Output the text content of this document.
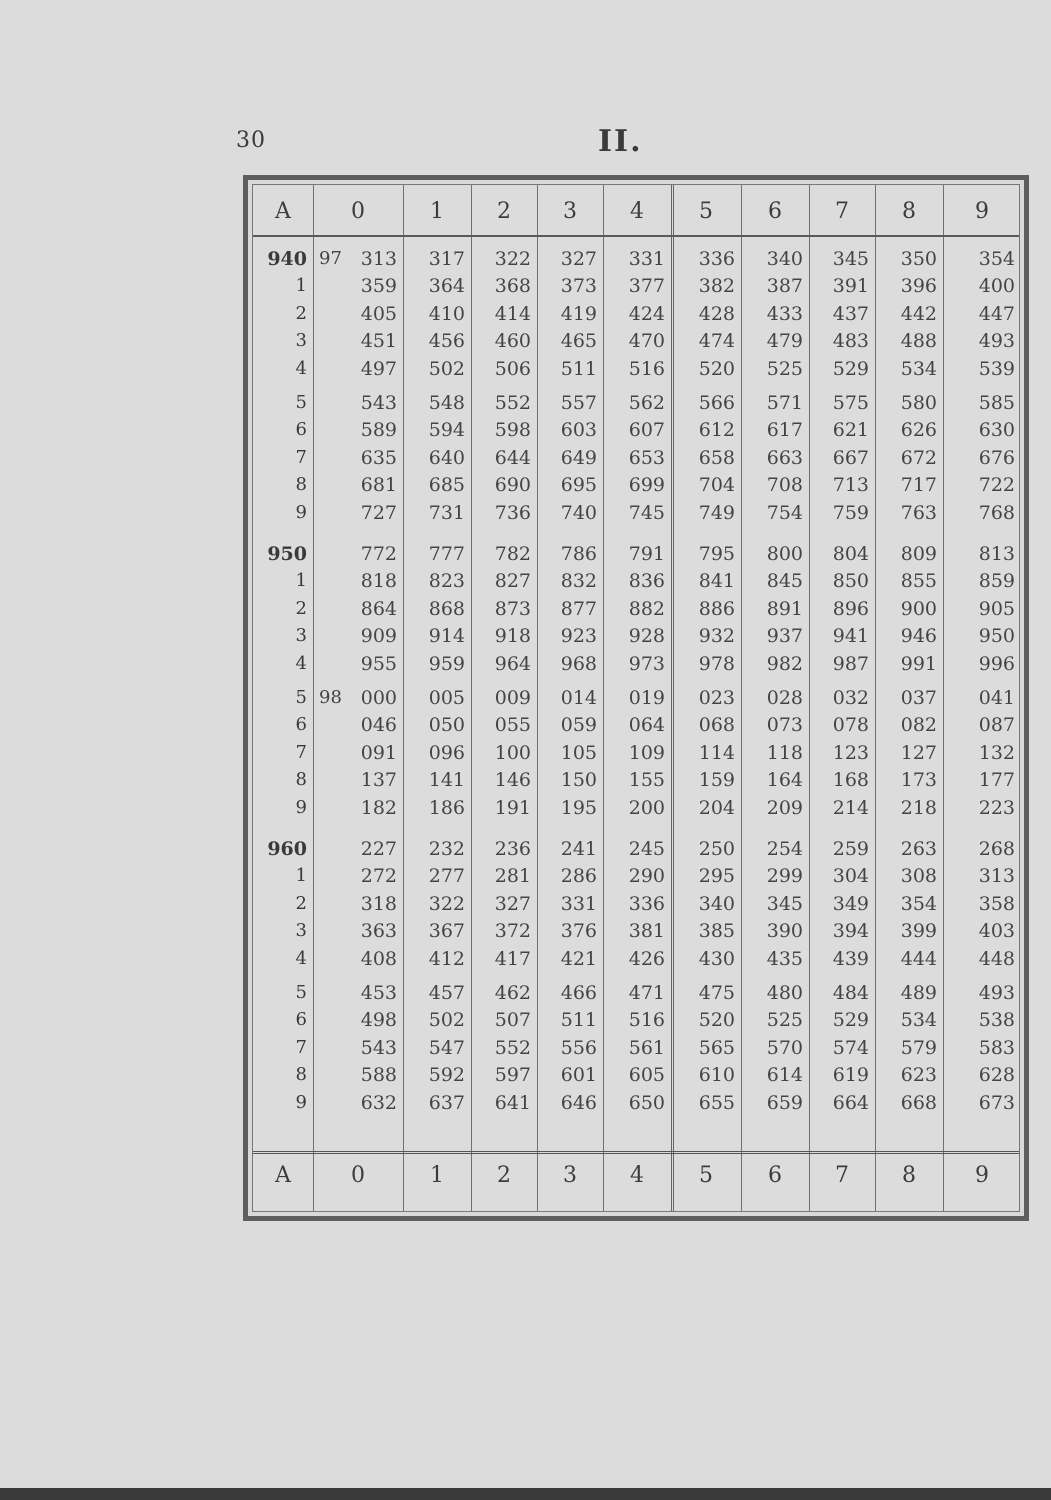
30	II.
A	0	1	2	3	4	5	6	7	8	9
940 97 313	317	322	327	331	336	340	345	350	354
1	359	364	368	373	377	382	387	391	396	400
2	405	410	414	419	424	428	433	437	442	447
3	451	456	460	465	470	474	479	483	488	493
4	497	502	506	511	516	520	525	529	534	539
5	543	548	552	557	562	566	571	575	580	585
6	589	594	598	603	607	612	617	621	626	630
7	635	640	644	649	653	658	663	667	672	676
8	681	685	690	695	699	704	708	713	717	722
9	727	731	736	740	745	749	754	759	763	768
950	772	777	782	786	791	795	800	804	809	813
1	818	823	827	832	836	841	845	850	855	859
2	864	868	873	877	882	886	891	896	900	905
3	909	914	918	923	928	932	937	941	946	950
4	955	959	964	968	973	978	982	987	991	996
5 98 000	005	009	014	019	023	028	032	037	041
6	046	050	055	059	064	068	073	078	082	087
7	091	096	100	105	109	114	118	123	127	132
8	137	141	146	150	155	159	164	168	173	177
9	182	186	191	195	200	204	209	214	218	223
960	227	232	236	241	245	250	254	259	263	268
1	272	277	281	286	290	295	299	304	308	313
2	318	322	327	331	336	340	345	349	354	358
3	363	367	372	376	381	385	390	394	399	403
4	408	412	417	421	426	430	435	439	444	448
5	453	457	462	466	471	475	480	484	489	493
6	498	502	507	511	516	520	525	529	534	538
7	543	547	552	556	561	565	570	574	579	583
8	588	592	597	601	605	610	614	619	623	628
9	632	637	641	646	650	655	659	664	668	673
A	0	1	2	3	4	5	6	7	8	9
